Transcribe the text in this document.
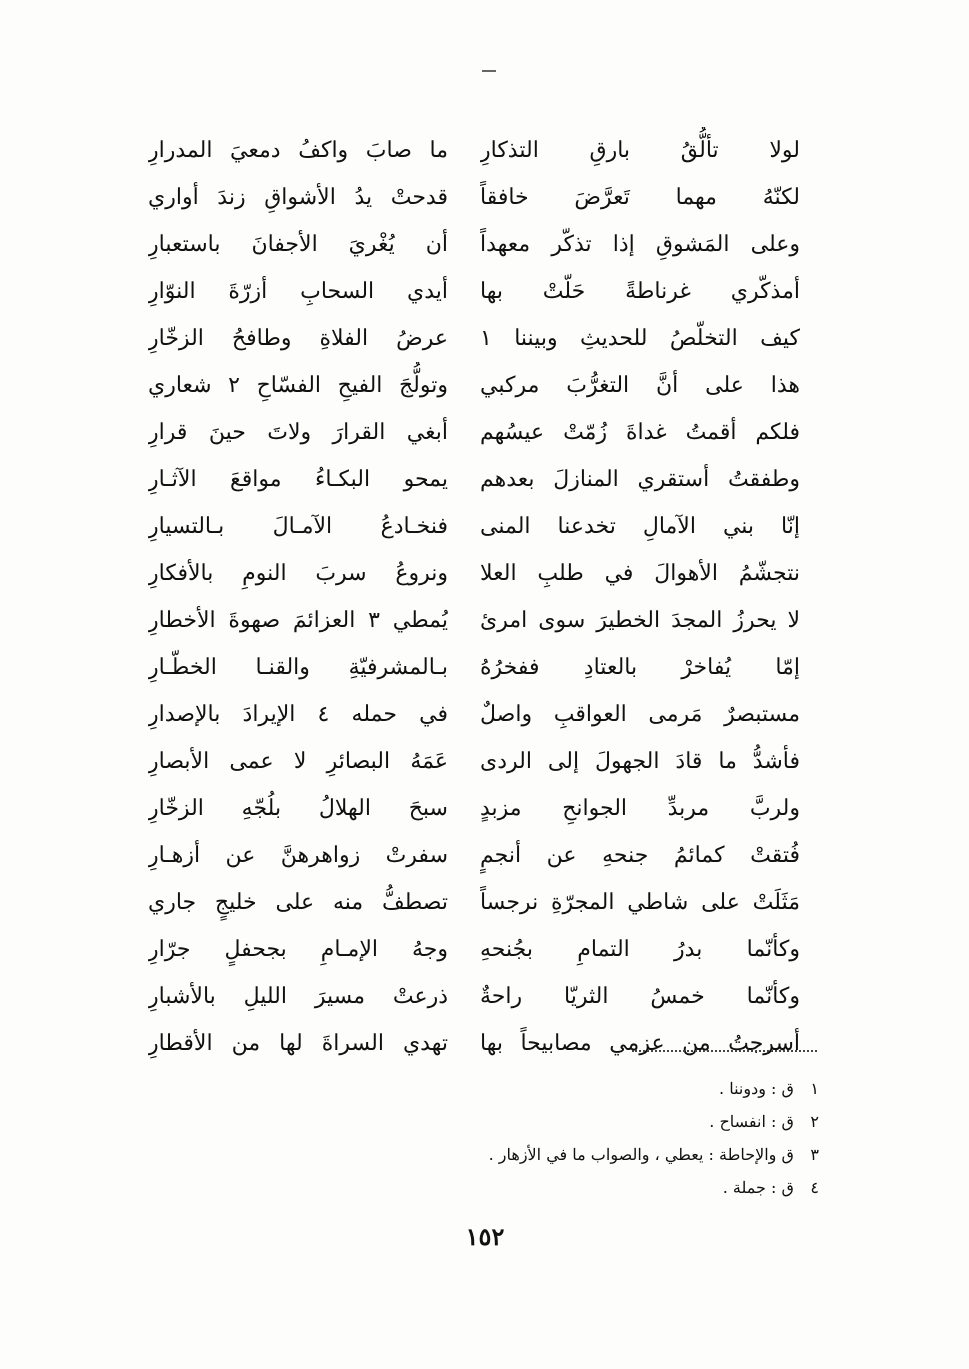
لولا تألُّقُ بارقِ التذكارِ
لكنّهُ مهما تَعرَّضَ خافقاً
وعلى المَشوقِ إذا تذكّر معهداً
أمذكّري غرناطةً حَلّتْ بها
كيف التخلّصُ للحديثِ وبيننا ١
هذا على أنَّ التغرُّبَ مركبي
فلكم أقمتُ غداةَ زُمّتْ عيسُهم
وطفقتُ أستقري المنازلَ بعدهم
إنّا بني الآمالِ تخدعنا المنى
نتجشّمُ الأهوالَ في طلبِ العلا
لا يحرزُ المجدَ الخطيرَ سوى امرئ
إمّا يُفاخرْ بالعتادِ ففخرُهُ
مستبصرٌ مَرمى العواقبِ واصلٌ
فأشدُّ ما قادَ الجهولَ إلى الردى
ولربَّ مربدِّ الجوانحِ مزبدٍ
فُتقتْ كمائمُ جنحهِ عن أنجمٍ
مَثَلَتْ على شاطي المجرّةِ نرجساً
وكأنّما بدرُ التمامِ بجُنحهِ
وكأنّما خمسُ الثريّا راحةٌ
أسرجتُ من عزمي مصابيحاً بها
ما صابَ واكفُ دمعيَ المدرارِ
قدحتْ يدُ الأشواقِ زندَ أواري
أن يُغْريَ الأجفانَ باستعبارِ
أيدي السحابِ أزرّةَ النوّارِ
عرضُ الفلاةِ وطافحُ الزخّارِ
وتولُّجَ الفيحِ الفسّاحِ ٢ شعاري
أبغي القرارَ ولاتَ حينَ قرارِ
يمحو البكـاءُ مواقعَ الآثـارِ
فنخـادعُ الآمـالَ بـالتسيارِ
ونروعُ سربَ النومِ بالأفكارِ
يُمطي ٣ العزائمَ صهوةَ الأخطارِ
بـالمشرفيّةِ والقنـا الخطّـارِ
في حمله ٤ الإيرادَ بالإصدارِ
عَمَهُ البصائرِ لا عمى الأبصارِ
سبحَ الهلالُ بلُجّهِ الزخّارِ
سفرتْ زواهرهنَّ عن أزهـارِ
تصطفُّ منه على خليجٍ جاري
وجهُ الإمـامِ بجحفلٍ جرّارِ
ذرعتْ مسيرَ الليلِ بالأشبارِ
تهدي السراةَ لها من الأقطارِ
١ ق : ودوننا .
٢ ق : انفساح .
٣ ق والإحاطة : يعطي ، والصواب ما في الأزهار .
٤ ق : جملة .
١٥٢
